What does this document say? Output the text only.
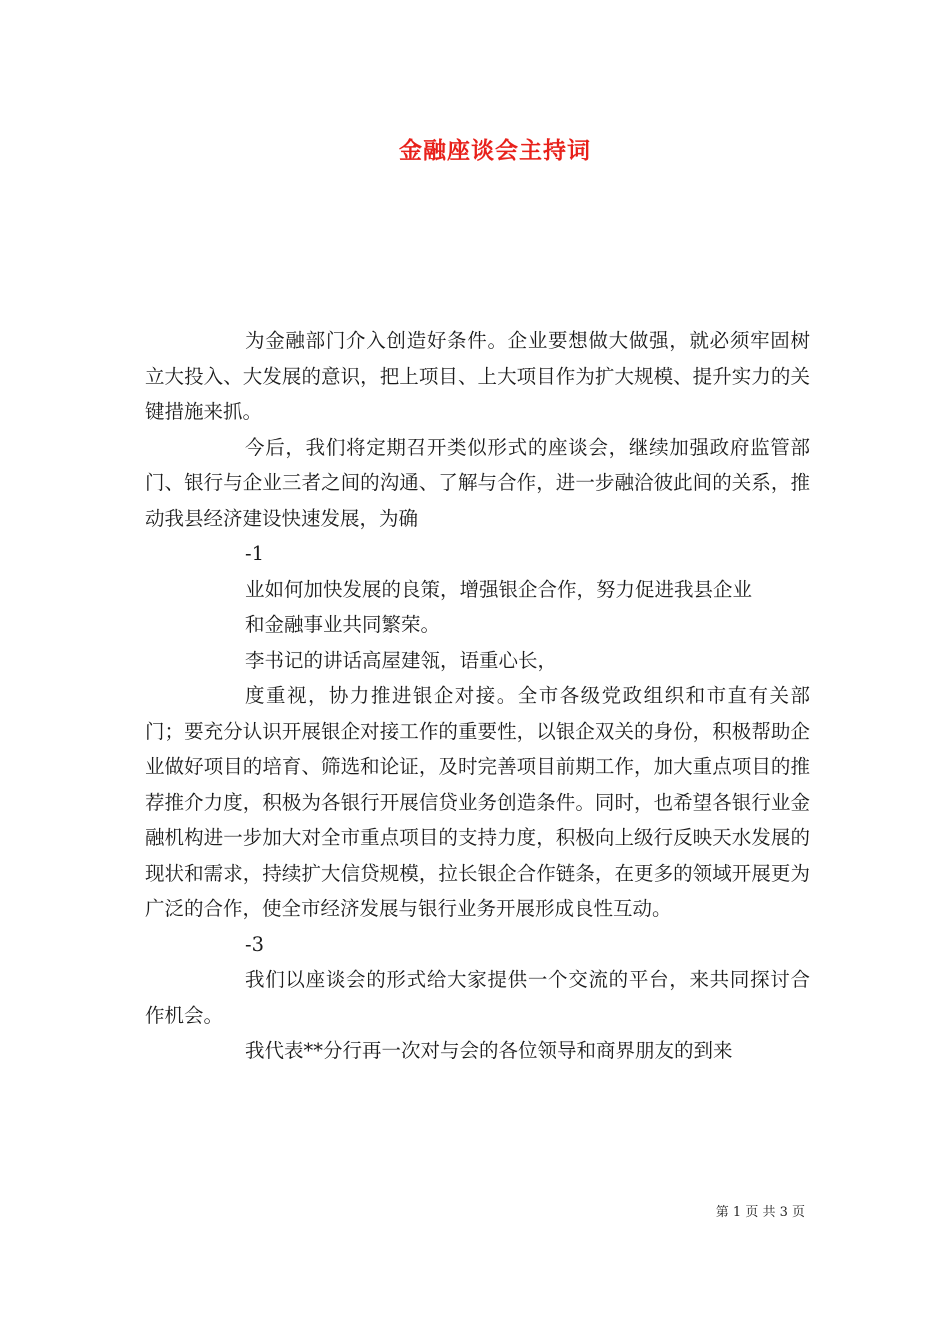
金融座谈会主持词

为金融部门介入创造好条件。企业要想做大做强，就必须牢固树立大投入、大发展的意识，把上项目、上大项目作为扩大规模、提升实力的关键措施来抓。

今后，我们将定期召开类似形式的座谈会，继续加强政府监管部门、银行与企业三者之间的沟通、了解与合作，进一步融洽彼此间的关系，推动我县经济建设快速发展，为确

-1

业如何加快发展的良策，增强银企合作，努力促进我县企业

和金融事业共同繁荣。

李书记的讲话高屋建瓴，语重心长，

度重视，协力推进银企对接。全市各级党政组织和市直有关部门；要充分认识开展银企对接工作的重要性，以银企双关的身份，积极帮助企业做好项目的培育、筛选和论证，及时完善项目前期工作，加大重点项目的推荐推介力度，积极为各银行开展信贷业务创造条件。同时，也希望各银行业金融机构进一步加大对全市重点项目的支持力度，积极向上级行反映天水发展的现状和需求，持续扩大信贷规模，拉长银企合作链条，在更多的领域开展更为广泛的合作，使全市经济发展与银行业务开展形成良性互动。

-3

我们以座谈会的形式给大家提供一个交流的平台，来共同探讨合作机会。

我代表**分行再一次对与会的各位领导和商界朋友的到来

第 1 页 共 3 页
